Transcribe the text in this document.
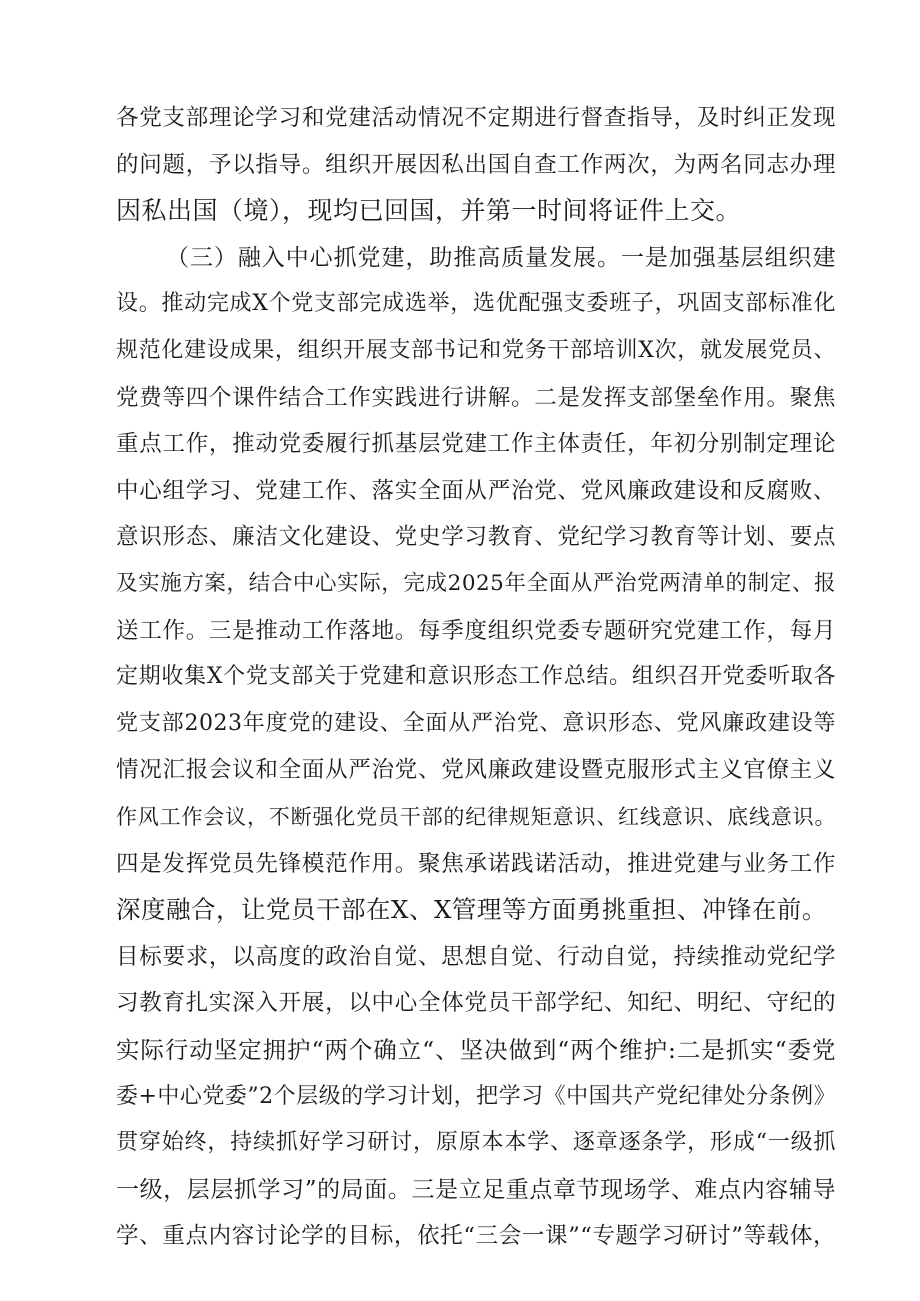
各党支部理论学习和党建活动情况不定期进行督查指导，及时纠正发现
的问题，予以指导。组织开展因私出国自查工作两次，为两名同志办理
因私出国（境），现均已回国，并第一时间将证件上交。
（三）融入中心抓党建，助推高质量发展。一是加强基层组织建
设。推动完成X个党支部完成选举，选优配强支委班子，巩固支部标准化
规范化建设成果，组织开展支部书记和党务干部培训X次，就发展党员、
党费等四个课件结合工作实践进行讲解。二是发挥支部堡垒作用。聚焦
重点工作，推动党委履行抓基层党建工作主体责任，年初分别制定理论
中心组学习、党建工作、落实全面从严治党、党风廉政建设和反腐败、
意识形态、廉洁文化建设、党史学习教育、党纪学习教育等计划、要点
及实施方案，结合中心实际，完成2025年全面从严治党两清单的制定、报
送工作。三是推动工作落地。每季度组织党委专题研究党建工作，每月
定期收集X个党支部关于党建和意识形态工作总结。组织召开党委听取各
党支部2023年度党的建设、全面从严治党、意识形态、党风廉政建设等
情况汇报会议和全面从严治党、党风廉政建设暨克服形式主义官僚主义
作风工作会议，不断强化党员干部的纪律规矩意识、红线意识、底线意识。
四是发挥党员先锋模范作用。聚焦承诺践诺活动，推进党建与业务工作
深度融合，让党员干部在X、X管理等方面勇挑重担、冲锋在前。
目标要求，以高度的政治自觉、思想自觉、行动自觉，持续推动党纪学
习教育扎实深入开展，以中心全体党员干部学纪、知纪、明纪、守纪的
实际行动坚定拥护“两个确立“、坚决做到“两个维护:二是抓实“委党
委+中心党委”2个层级的学习计划，把学习《中国共产党纪律处分条例》
贯穿始终，持续抓好学习研讨，原原本本学、逐章逐条学，形成“一级抓
一级，层层抓学习”的局面。三是立足重点章节现场学、难点内容辅导
学、重点内容讨论学的目标，依托“三会一课”“专题学习研讨”等载体，
